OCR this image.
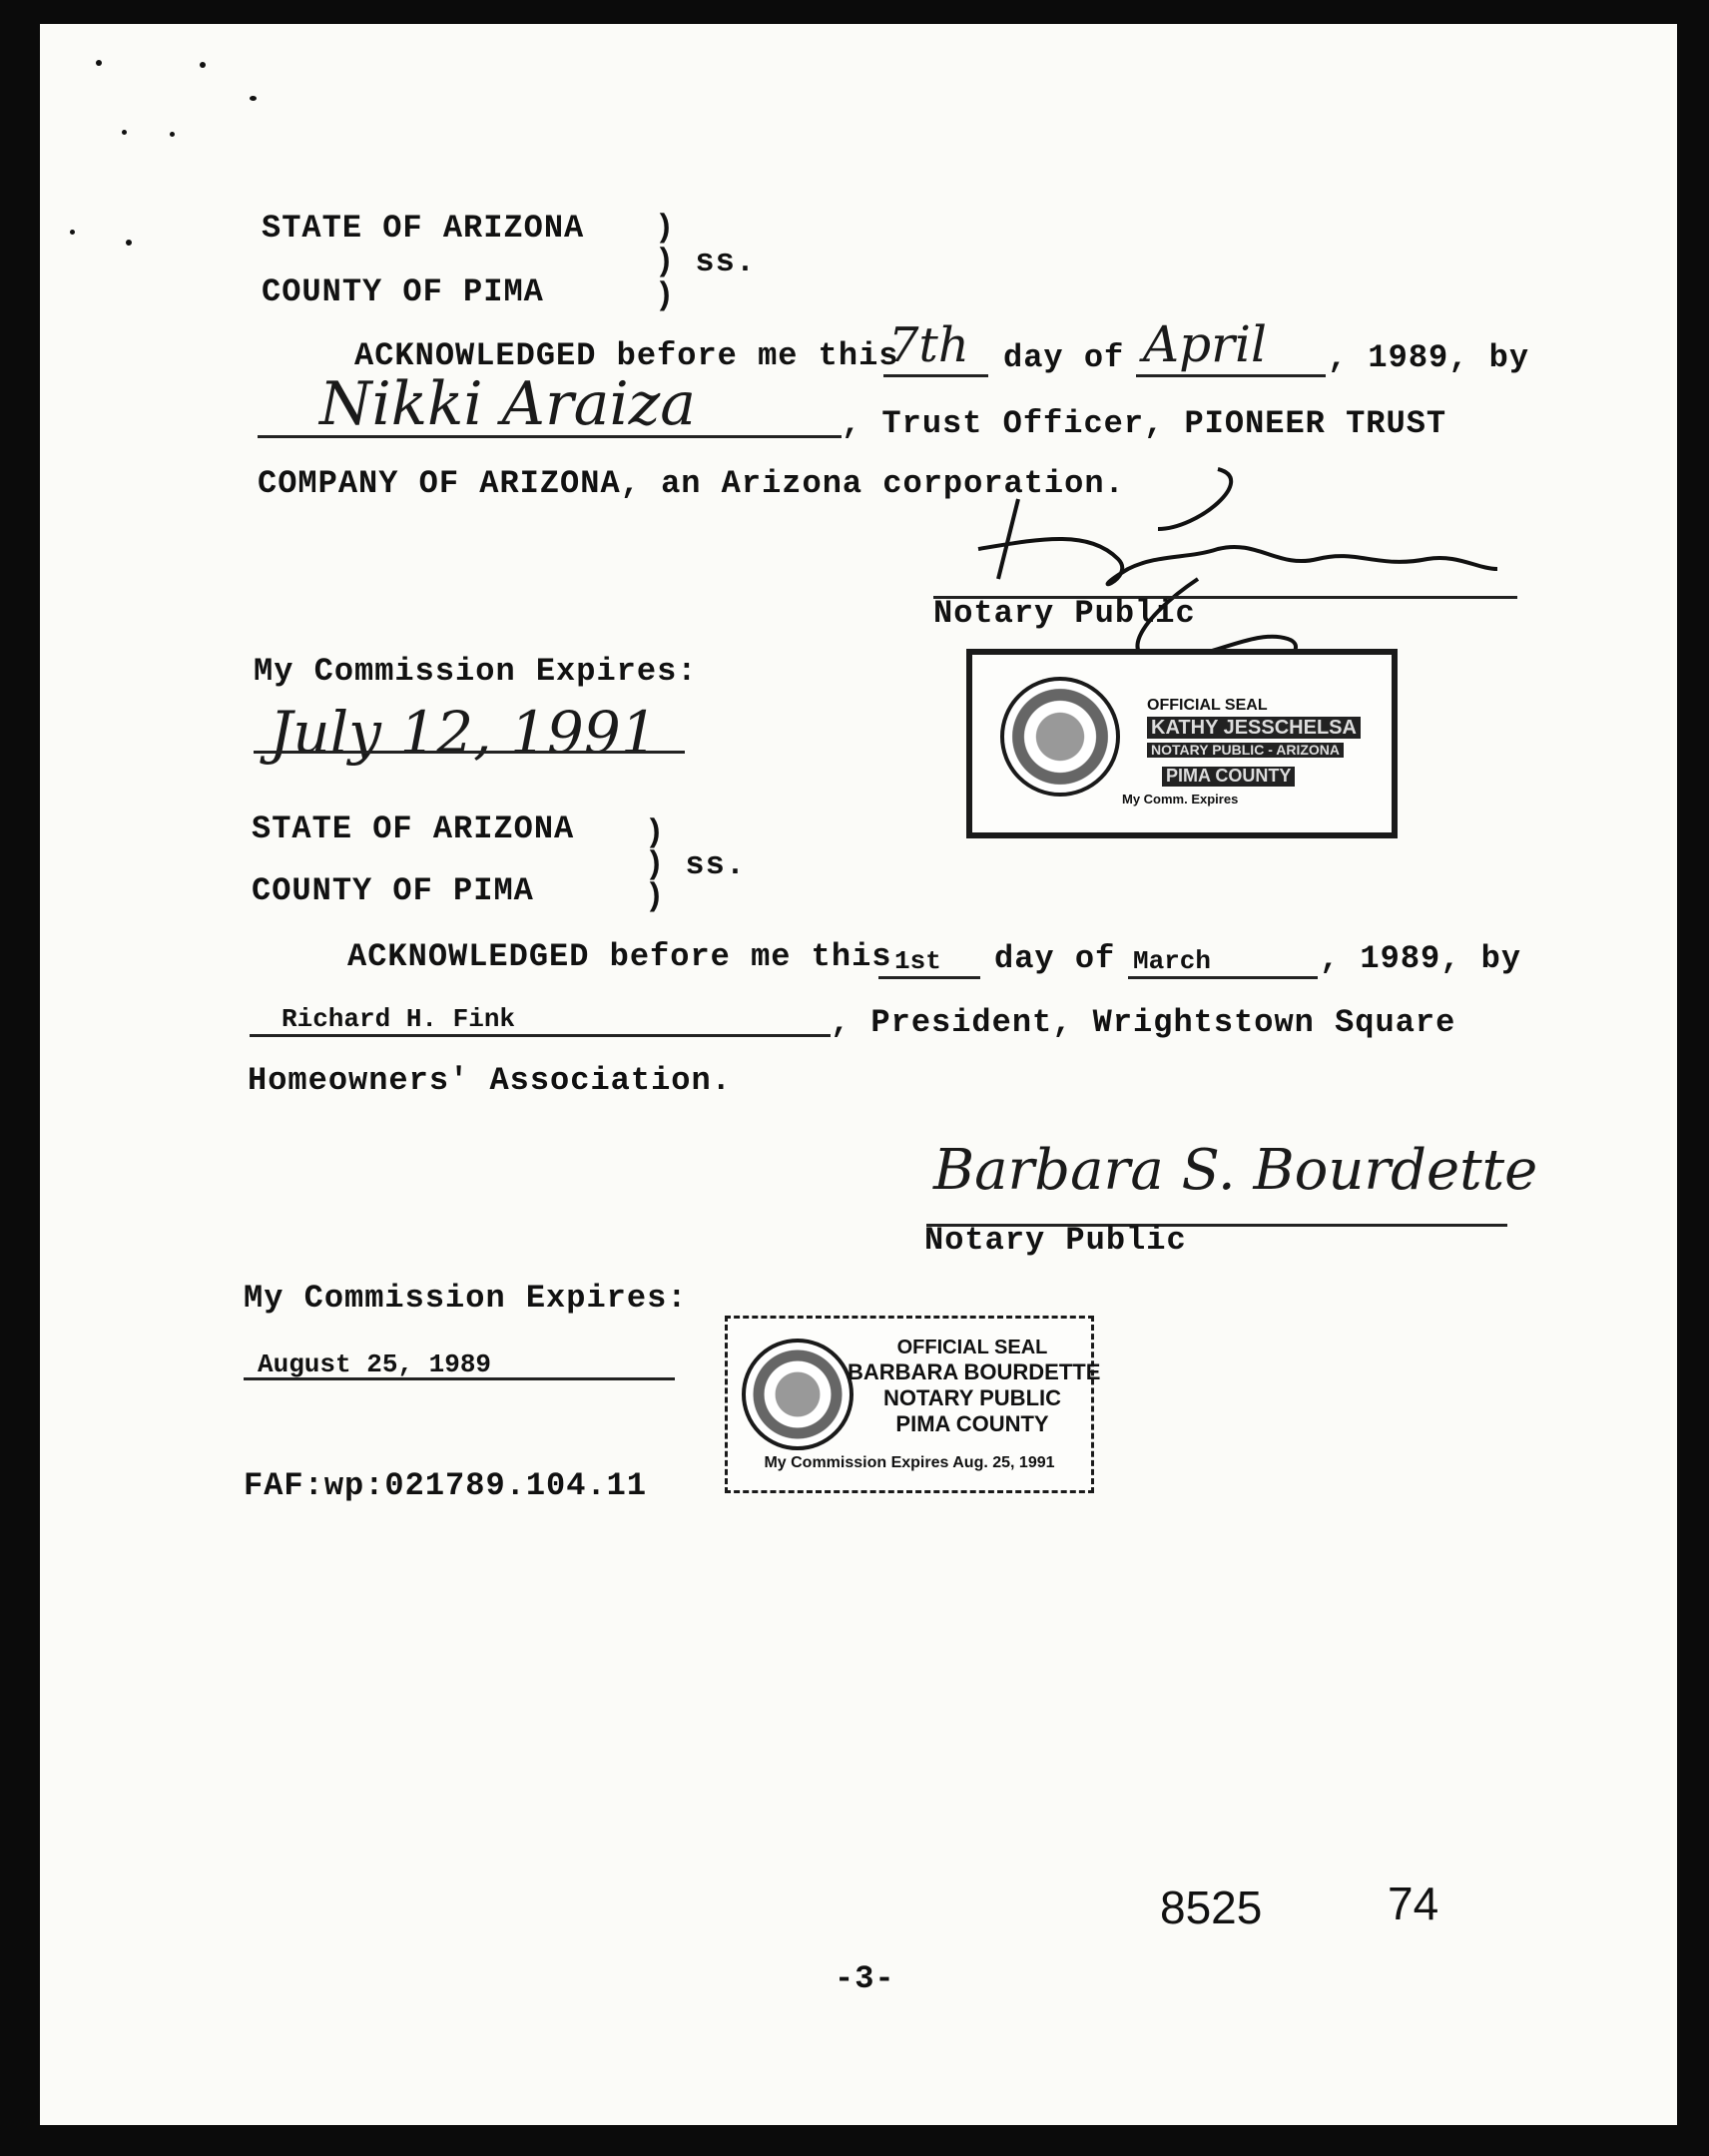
STATE OF ARIZONA )
) ss.
COUNTY OF PIMA	)
ACKNOWLEDGED before me this
7th day of April , 1989, by
Nikki Araiza	, Trust Officer, PIONEER TRUST
COMPANY OF ARIZONA, an Arizona corporation.
Notary Public
My Commission Expires:
July 12, 1991	OFFICIAL SEAL
KATHY JESSCHELSA
NOTARY PUBLIC - ARIZONA
PIMA COUNTY
My Comm. Expires
STATE OF ARIZONA )
) ss.
COUNTY OF PIMA	)
ACKNOWLEDGED before me this 1st day of March	, 1989, by
Richard H. Fink	, President, Wrightstown Square
Homeowners' Association.
Barbara S. Bourdette
Notary Public
My Commission Expires:
August 25, 1989
OFFICIAL SEAL
BARBARA BOURDETTE
NOTARY PUBLIC
PIMA COUNTY
My Commission Expires Aug. 25, 1991
FAF:wp:021789.104.11
8525	74
-3-
